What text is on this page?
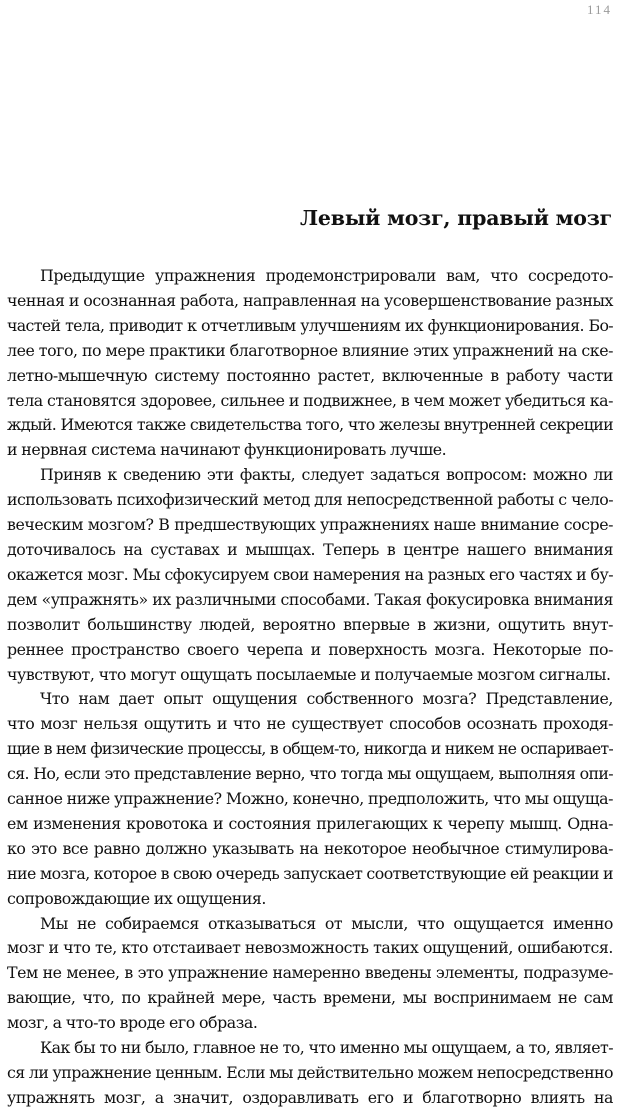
114
Левый мозг, правый мозг
Предыдущие упражнения продемонстрировали вам, что сосредото-
ченная и осознанная работа, направленная на усовершенствование разных
частей тела, приводит к отчетливым улучшениям их функционирования. Бо-
лее того, по мере практики благотворное влияние этих упражнений на ске-
летно-мышечную систему постоянно растет, включенные в работу части
тела становятся здоровее, сильнее и подвижнее, в чем может убедиться ка-
ждый. Имеются также свидетельства того, что железы внутренней секреции
и нервная система начинают функционировать лучше.
Приняв к сведению эти факты, следует задаться вопросом: можно ли
использовать психофизический метод для непосредственной работы с чело-
веческим мозгом? В предшествующих упражнениях наше внимание сосре-
доточивалось на суставах и мышцах. Теперь в центре нашего внимания
окажется мозг. Мы сфокусируем свои намерения на разных его частях и бу-
дем «упражнять» их различными способами. Такая фокусировка внимания
позволит большинству людей, вероятно впервые в жизни, ощутить внут-
реннее пространство своего черепа и поверхность мозга. Некоторые по-
чувствуют, что могут ощущать посылаемые и получаемые мозгом сигналы.
Что нам дает опыт ощущения собственного мозга? Представление,
что мозг нельзя ощутить и что не существует способов осознать проходя-
щие в нем физические процессы, в общем-то, никогда и никем не оспаривает-
ся. Но, если это представление верно, что тогда мы ощущаем, выполняя опи-
санное ниже упражнение? Можно, конечно, предположить, что мы ощуща-
ем изменения кровотока и состояния прилегающих к черепу мышц. Одна-
ко это все равно должно указывать на некоторое необычное стимулирова-
ние мозга, которое в свою очередь запускает соответствующие ей реакции и
сопровождающие их ощущения.
Мы не собираемся отказываться от мысли, что ощущается именно
мозг и что те, кто отстаивает невозможность таких ощущений, ошибаются.
Тем не менее, в это упражнение намеренно введены элементы, подразуме-
вающие, что, по крайней мере, часть времени, мы воспринимаем не сам
мозг, а что-то вроде его образа.
Как бы то ни было, главное не то, что именно мы ощущаем, а то, являет-
ся ли упражнение ценным. Если мы действительно можем непосредственно
упражнять мозг, а значит, оздоравливать его и благотворно влиять на
